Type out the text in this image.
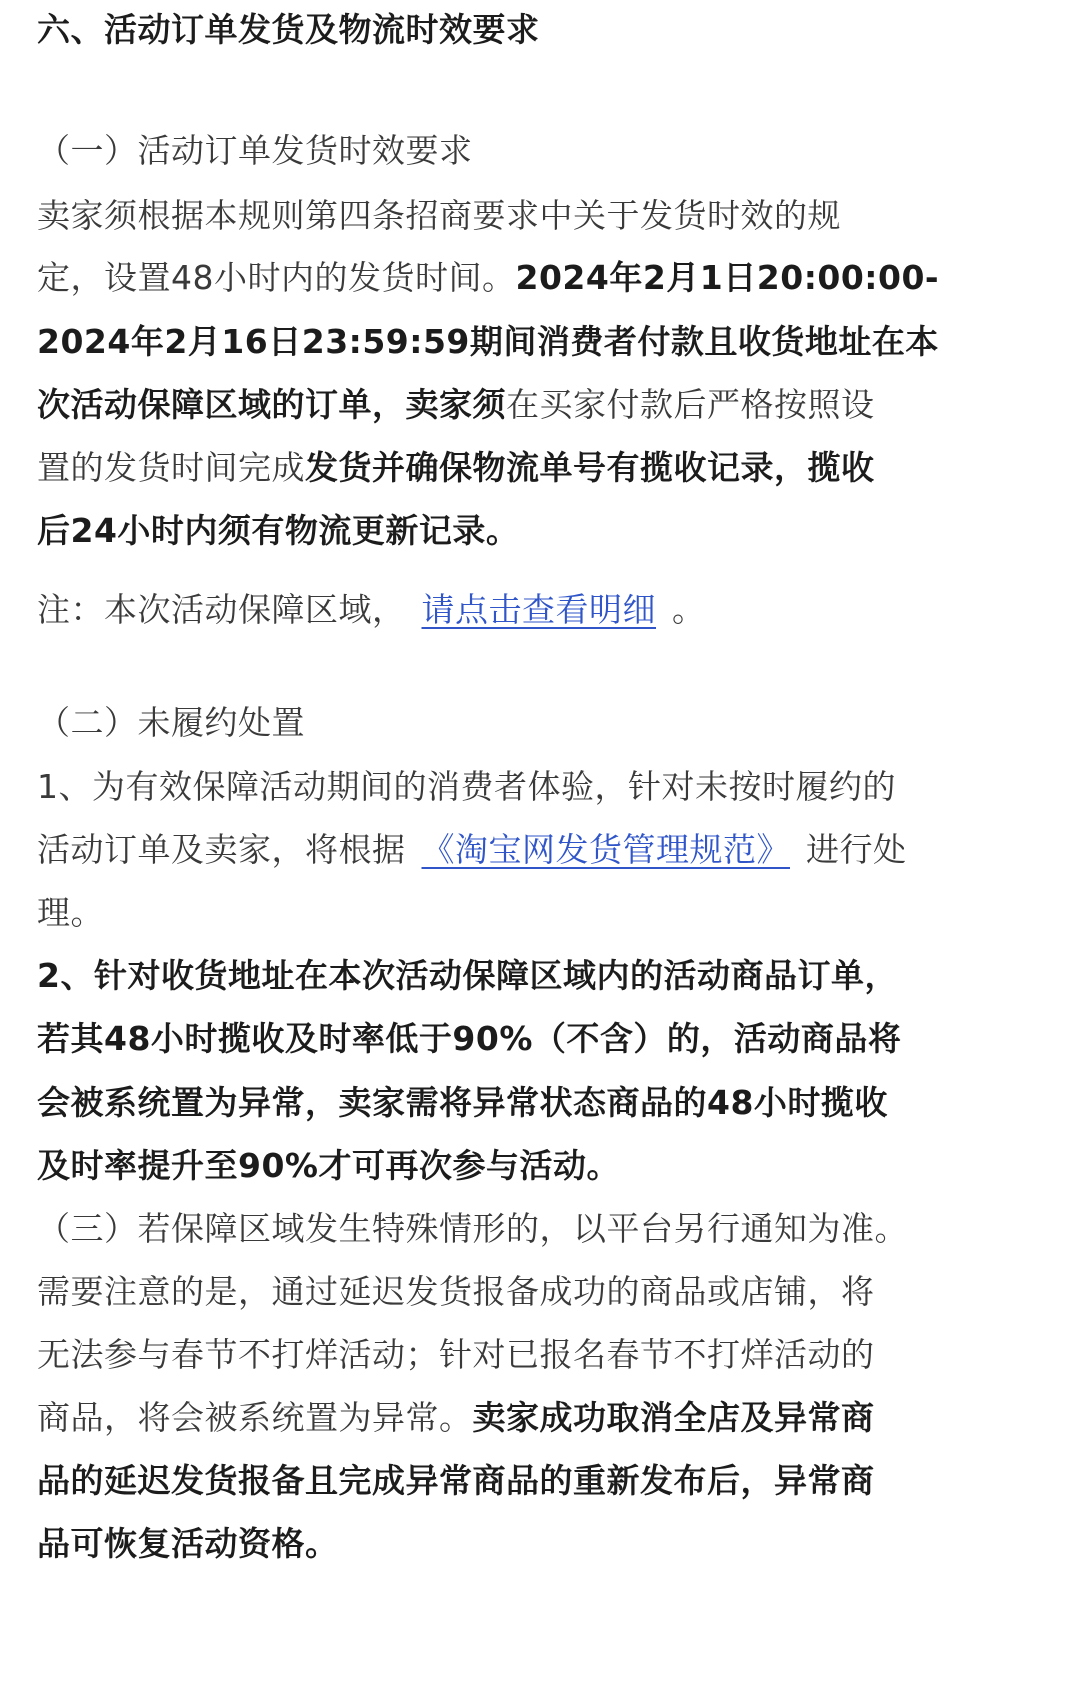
六、活动订单发货及物流时效要求
（一）活动订单发货时效要求
卖家须根据本规则第四条招商要求中关于发货时效的规
定，设置48小时内的发货时间。2024年2月1日20:00:00-
2024年2月16日23:59:59期间消费者付款且收货地址在本
次活动保障区域的订单，卖家须在买家付款后严格按照设
置的发货时间完成发货并确保物流单号有揽收记录，揽收
后24小时内须有物流更新记录。
注：本次活动保障区域， 请点击查看明细 。
（二）未履约处置
1、为有效保障活动期间的消费者体验，针对未按时履约的
活动订单及卖家，将根据 《淘宝网发货管理规范》 进行处
理。
2、针对收货地址在本次活动保障区域内的活动商品订单，
若其48小时揽收及时率低于90%（不含）的，活动商品将
会被系统置为异常，卖家需将异常状态商品的48小时揽收
及时率提升至90%才可再次参与活动。
（三）若保障区域发生特殊情形的，以平台另行通知为准。
需要注意的是，通过延迟发货报备成功的商品或店铺，将
无法参与春节不打烊活动；针对已报名春节不打烊活动的
商品，将会被系统置为异常。卖家成功取消全店及异常商
品的延迟发货报备且完成异常商品的重新发布后，异常商
品可恢复活动资格。
